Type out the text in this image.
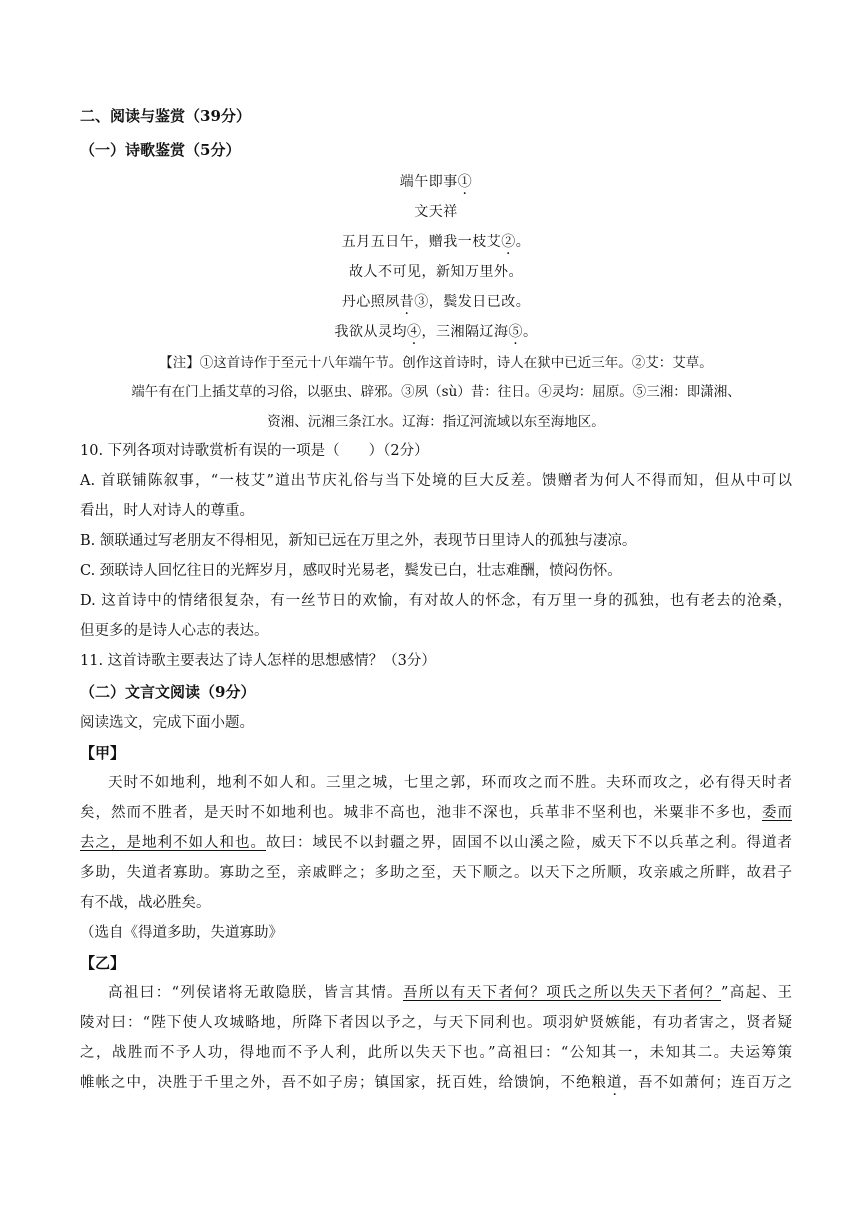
二、阅读与鉴赏（39分）
（一）诗歌鉴赏（5分）
端午即事① ·
文天祥
五月五日午，赠我一枝艾② ·。
故人不可见，新知万里外。
丹心照夙昔③，鬓发日已改。
我欲从灵均④ ·，三湘隔辽海⑤ ·。
【注】①这首诗作于至元十八年端午节。创作这首诗时，诗人在狱中已近三年。②艾：艾草。
端午有在门上插艾草的习俗，以驱虫、辟邪。③夙（sù）昔：往日。④灵均：屈原。⑤三湘：即潇湘、
资湘、沅湘三条江水。辽海：指辽河流域以东至海地区。
10. 下列各项对诗歌赏析有误的一项是（　　）（2分）
A. 首联铺陈叙事，“一枝艾”道出节庆礼俗与当下处境的巨大反差。馈赠者为何人不得而知，但从中可以
看出，时人对诗人的尊重。
B. 颔联通过写老朋友不得相见，新知已远在万里之外，表现节日里诗人的孤独与凄凉。
C. 颈联诗人回忆往日的光辉岁月，感叹时光易老，鬓发已白，壮志难酬，愤闷伤怀。
D. 这首诗中的情绪很复杂，有一丝节日的欢愉，有对故人的怀念，有万里一身的孤独，也有老去的沧桑，
但更多的是诗人心志的表达。
11. 这首诗歌主要表达了诗人怎样的思想感情？（3分）
（二）文言文阅读（9分）
阅读选文，完成下面小题。
【甲】
天时不如地利，地利不如人和。三里之城，七里之郭，环而攻之而不胜。夫环而攻之，必有得天时者
矣，然而不胜者，是天时不如地利也。城非不高也，池非不深也，兵革非不坚利也，米粟非不多也，委而
去之，是地利不如人和也。故曰：域民不以封疆之界，固国不以山溪之险，威天下不以兵革之利。得道者
多助，失道者寡助。寡助之至，亲戚畔之；多助之至，天下顺之。以天下之所顺，攻亲戚之所畔，故君子
有不战，战必胜矣。
（选自《得道多助，失道寡助》
【乙】
高祖曰：“列侯诸将无敢隐朕，皆言其情。吾所以有天下者何？项氏之所以失天下者何？”高起、王
陵对曰：“陛下使人攻城略地，所降下者因以予之，与天下同利也。项羽妒贤嫉能，有功者害之，贤者疑
之，战胜而不予人功，得地而不予人利，此所以失天下也。”高祖曰：“公知其一，未知其二。夫运筹策
帷帐之中，决胜于千里之外，吾不如子房；镇国家，抚百姓，给馈饷，不绝粮道，吾不如萧何；连百万之
